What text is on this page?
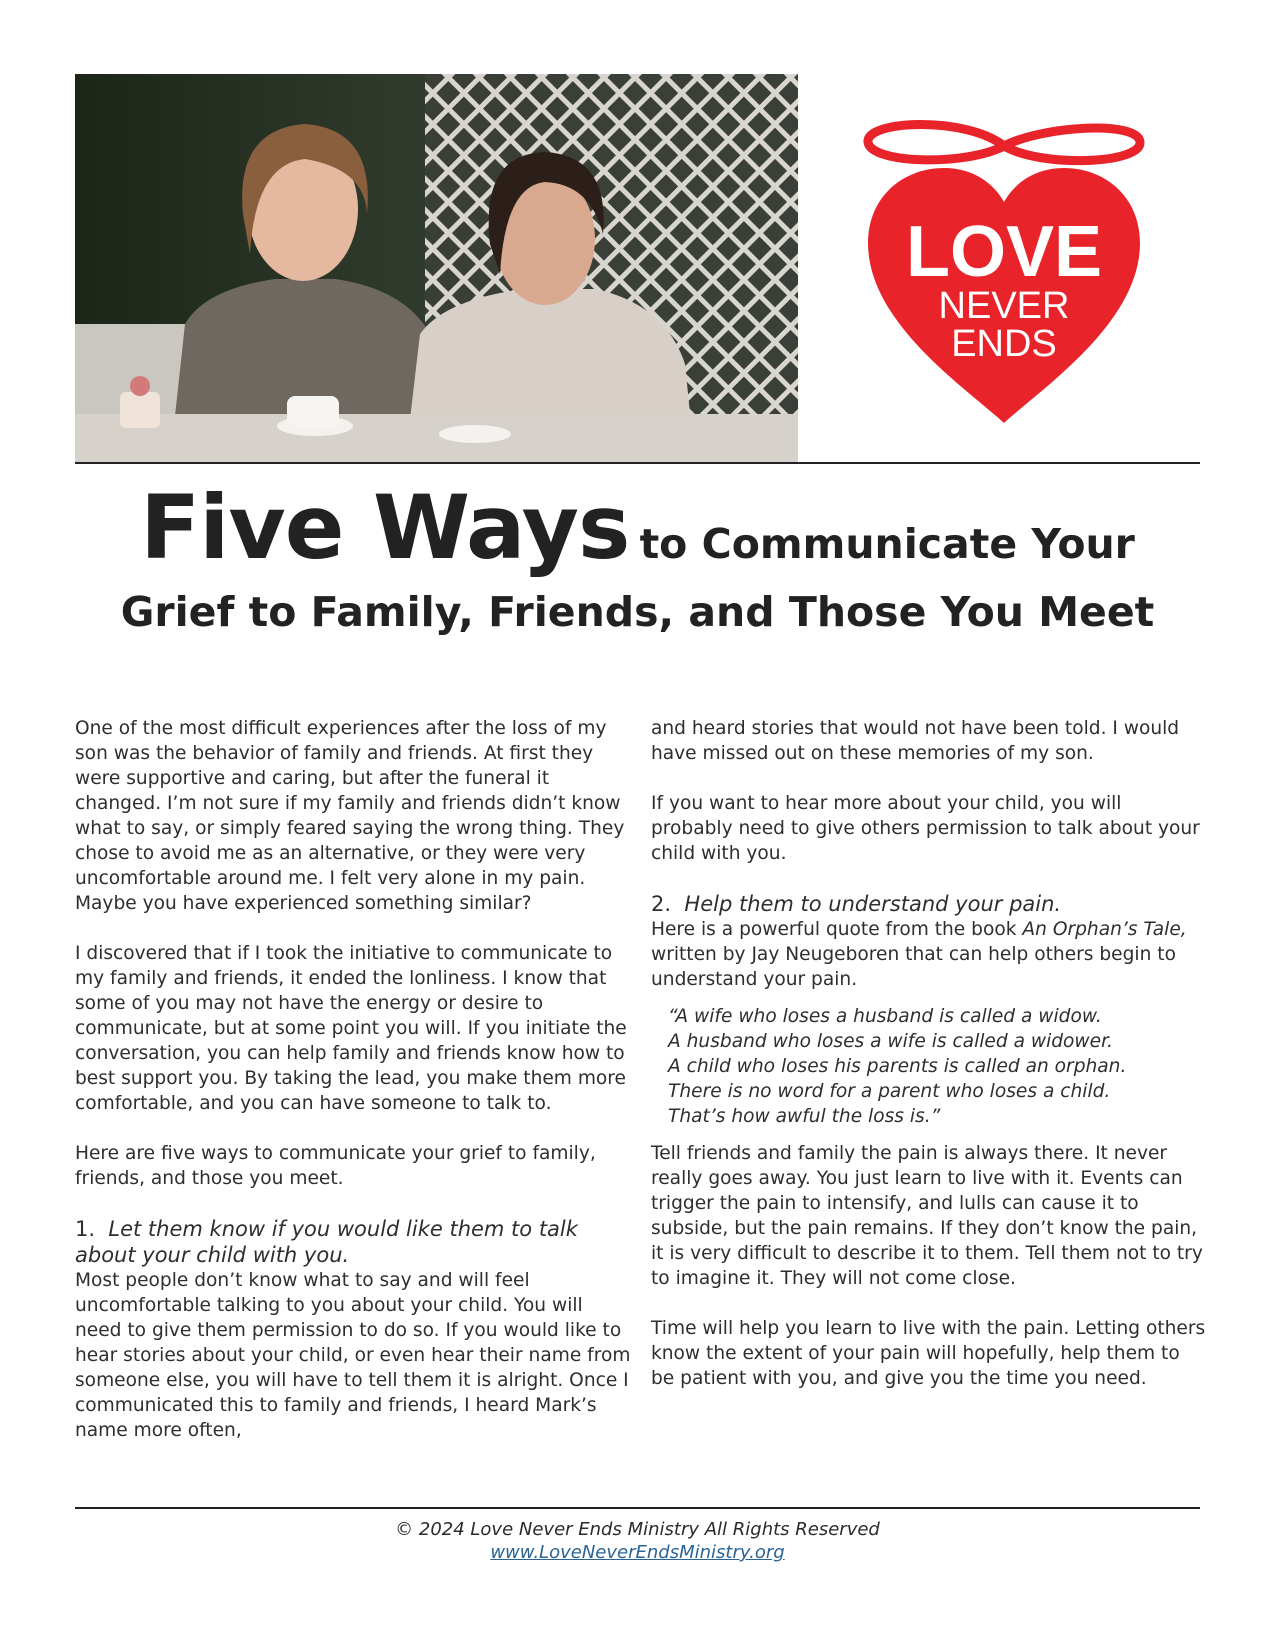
LOVE
NEVER
ENDS
Five Ways to Communicate Your
Grief to Family, Friends, and Those You Meet

One of the most difficult experiences after the loss of my son was the behavior of family and friends. At first they were supportive and caring, but after the funeral it changed. I’m not sure if my family and friends didn’t know what to say, or simply feared saying the wrong thing. They chose to avoid me as an alternative, or they were very uncomfortable around me. I felt very alone in my pain. Maybe you have experienced something similar?

I discovered that if I took the initiative to communicate to my family and friends, it ended the lonliness. I know that some of you may not have the energy or desire to communicate, but at some point you will. If you initiate the conversation, you can help family and friends know how to best support you. By taking the lead, you make them more comfortable, and you can have someone to talk to.

Here are five ways to communicate your grief to family, friends, and those you meet.

1. Let them know if you would like them to talk about your child with you.

Most people don’t know what to say and will feel uncomfortable talking to you about your child. You will need to give them permission to do so. If you would like to hear stories about your child, or even hear their name from someone else, you will have to tell them it is alright. Once I communicated this to family and friends, I heard Mark’s name more often,

and heard stories that would not have been told. I would have missed out on these memories of my son.

If you want to hear more about your child, you will probably need to give others permission to talk about your child with you.

2. Help them to understand your pain.

Here is a powerful quote from the book An Orphan’s Tale, written by Jay Neugeboren that can help others begin to understand your pain.

“A wife who loses a husband is called a widow.
A husband who loses a wife is called a widower.
A child who loses his parents is called an orphan.
There is no word for a parent who loses a child.
That’s how awful the loss is.”

Tell friends and family the pain is always there. It never really goes away. You just learn to live with it. Events can trigger the pain to intensify, and lulls can cause it to subside, but the pain remains. If they don’t know the pain, it is very difficult to describe it to them. Tell them not to try to imagine it. They will not come close.

Time will help you learn to live with the pain. Letting others know the extent of your pain will hopefully, help them to be patient with you, and give you the time you need.

© 2024 Love Never Ends Ministry All Rights Reserved
www.LoveNeverEndsMinistry.org
